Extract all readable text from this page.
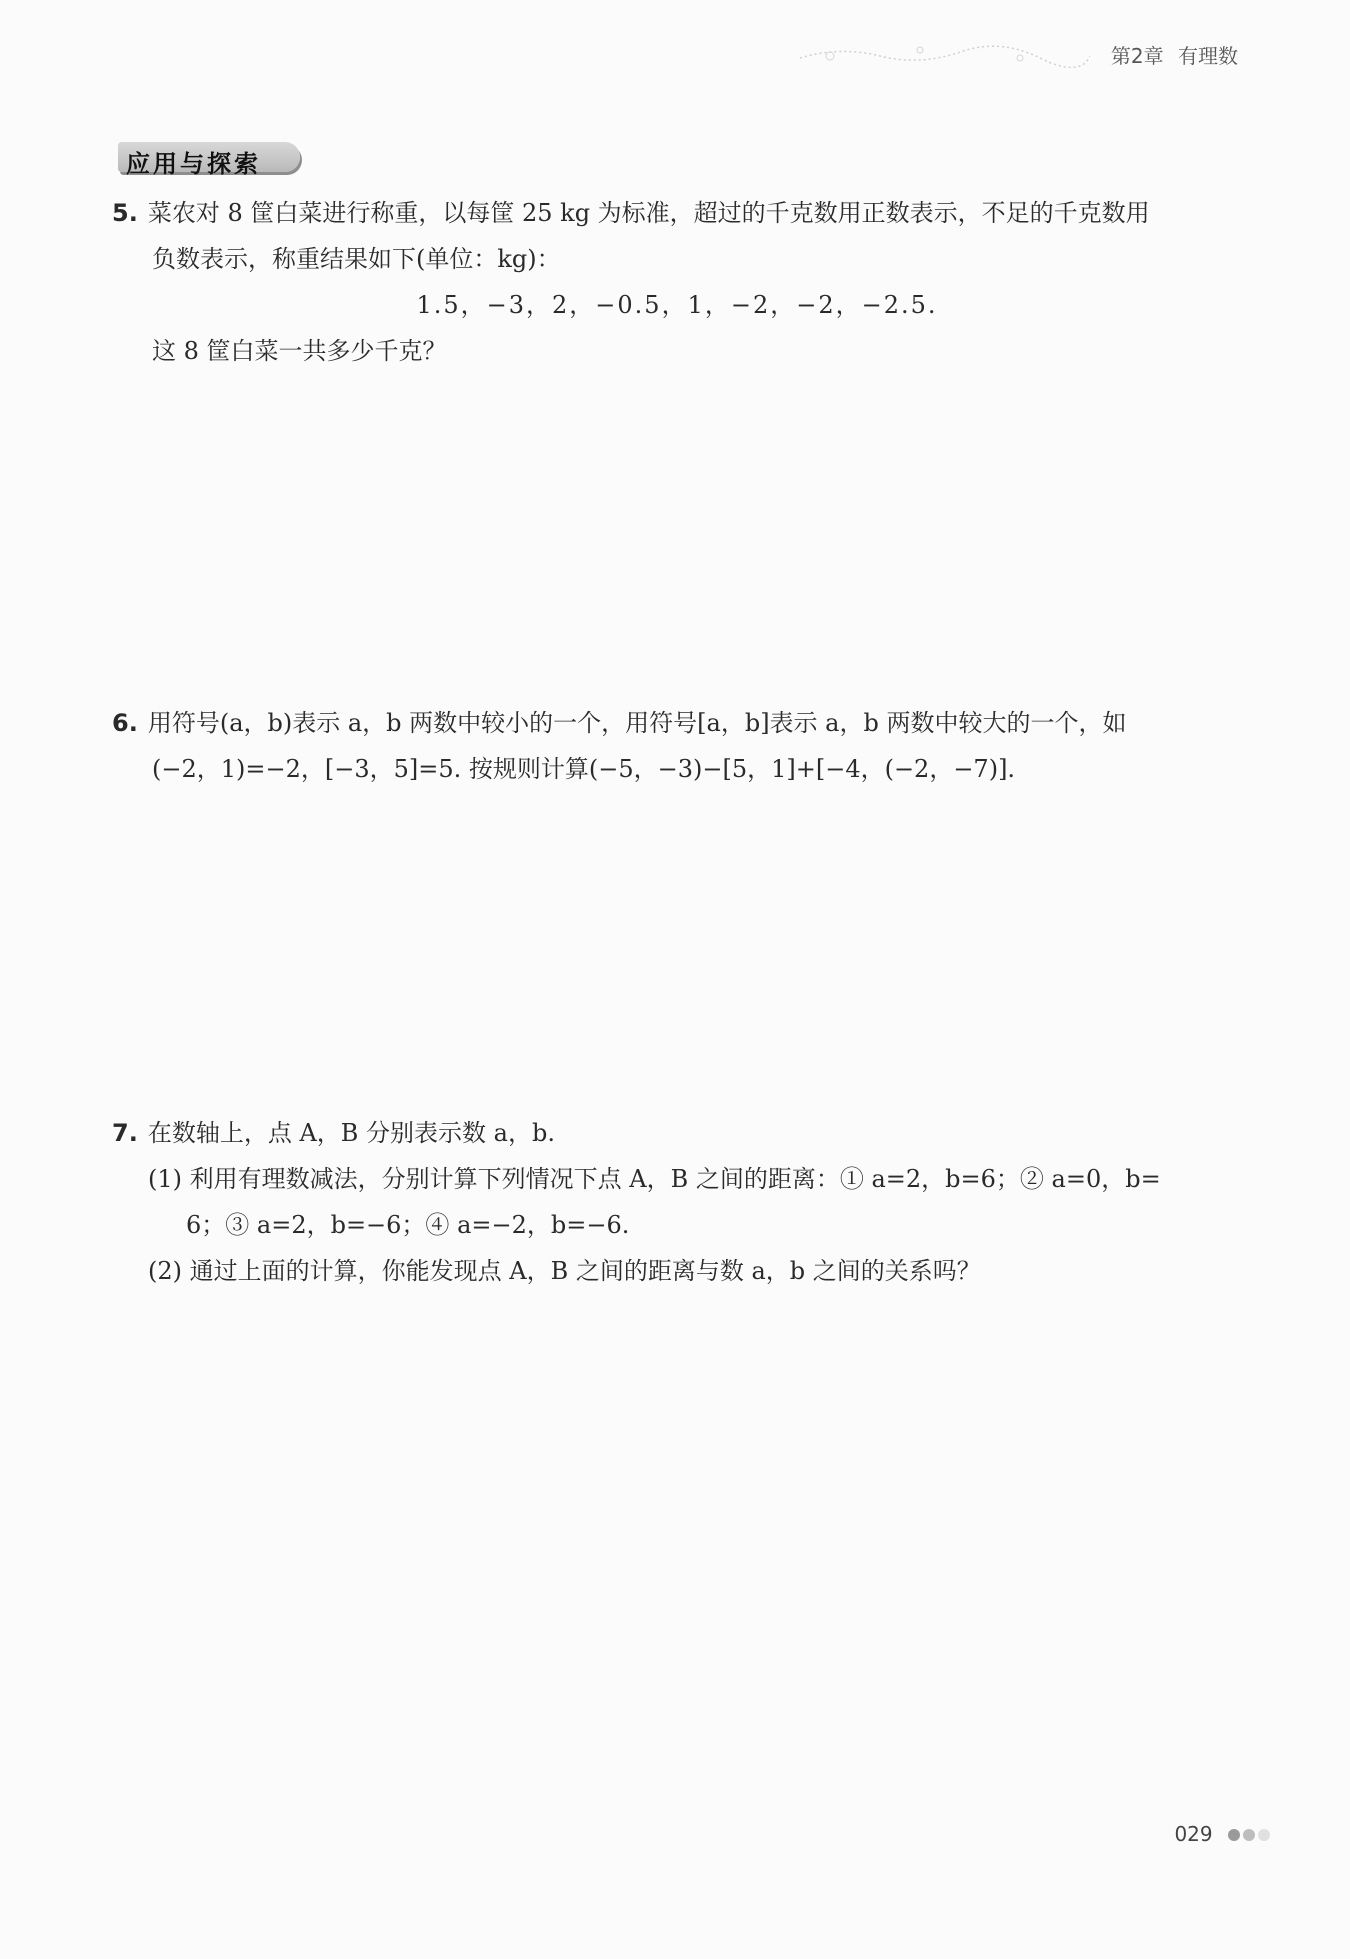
第2章 有理数
应用与探索
5. 菜农对 8 筐白菜进行称重，以每筐 25 kg 为标准，超过的千克数用正数表示，不足的千克数用
负数表示，称重结果如下(单位：kg)：
1.5，−3，2，−0.5，1，−2，−2，−2.5.
这 8 筐白菜一共多少千克？
6. 用符号(a，b)表示 a，b 两数中较小的一个，用符号[a，b]表示 a，b 两数中较大的一个，如
(−2，1)=−2，[−3，5]=5. 按规则计算(−5，−3)−[5，1]+[−4，(−2，−7)].
7. 在数轴上，点 A，B 分别表示数 a，b.
(1) 利用有理数减法，分别计算下列情况下点 A，B 之间的距离：① a=2，b=6；② a=0，b=
6；③ a=2，b=−6；④ a=−2，b=−6.
(2) 通过上面的计算，你能发现点 A，B 之间的距离与数 a，b 之间的关系吗？
029
